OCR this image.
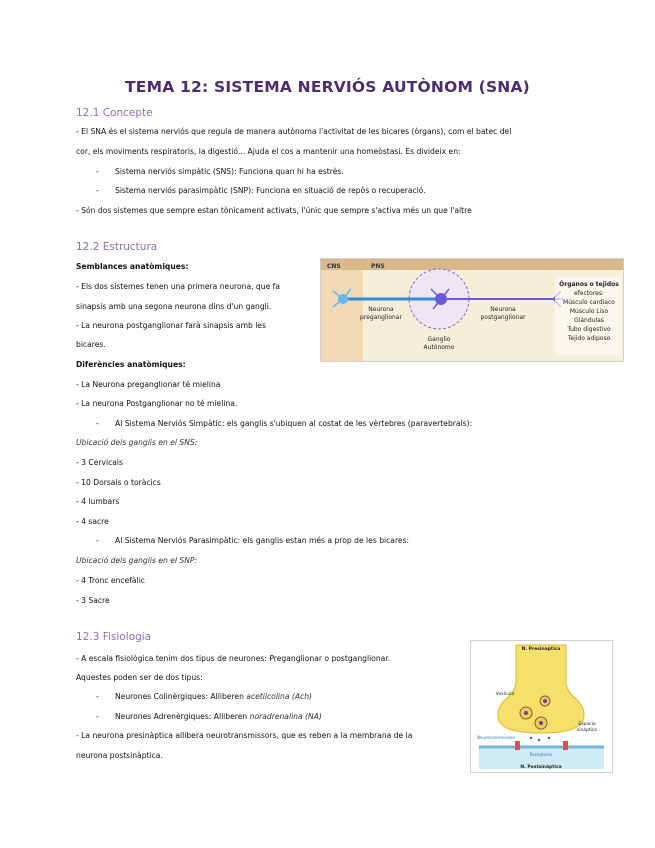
TEMA 12: SISTEMA NERVIÓS AUTÒNOM (SNA)
12.1 Concepte
- El SNA és el sistema nerviós que regula de manera autònoma l'activitat de les bicares (òrgans), com el batec del
cor, els moviments respiratoris, la digestió... Ajuda el cos a mantenir una homeòstasi. Es divideix en:
- Sistema nerviós simpàtic (SNS): Funciona quan hi ha estrès.
- Sistema nerviós parasimpàtic (SNP): Funciona en situació de repòs o recuperació.
- Són dos sistemes que sempre estan tònicament activats, l'únic que sempre s'activa més un que l'altre
12.2 Estructura
Semblances anatòmiques:
- Els dos sistemes tenen una primera neurona, que fa
sinapsis amb una segona neurona dins d'un gangli.
- La neurona postganglionar farà sinapsis amb les
bicares.
Diferències anatòmiques:
- La Neurona preganglionar té mielina
- La neurona Postganglionar no té mielina.
- Al Sistema Nerviós Simpàtic: els ganglis s'ubiquen al costat de les vèrtebres (paravertebrals):
Ubicació dels ganglis en el SNS:
- 3 Cervicals
- 10 Dorsals o toràcics
- 4 lumbars
- 4 sacre
- Al Sistema Nerviós Parasimpàtic: els ganglis estan més a prop de les bicares:
Ubicació dels ganglis en el SNP:
- 4 Tronc encefàlic
- 3 Sacre
CNS	PNS
Neurona
preganglionar
Neurona
postganglionar
Ganglio
Autónomo
Órganos o tejidos
efectores:
Músculo cardiaco
Músculo Liso
Glándulas
Tubo digestivo
Tejido adiposo
12.3 Fisiologia
- A escala fisiològica tenim dos tipus de neurones: Preganglionar o postganglionar.
Aquestes poden ser de dos tipus:
- Neurones Colinèrgiques: Alliberen acetilcolina (Ach)
- Neurones Adrenèrgiques: Alliberen noradrenalina (NA)
- La neurona presinàptica allibera neurotransmissors, que es reben a la membrana de la
neurona postsinàptica.
N. Presinaptica
Vesícula
Espacio
sináptico
Neurotransmisores
Receptores
N. Postsináptica
